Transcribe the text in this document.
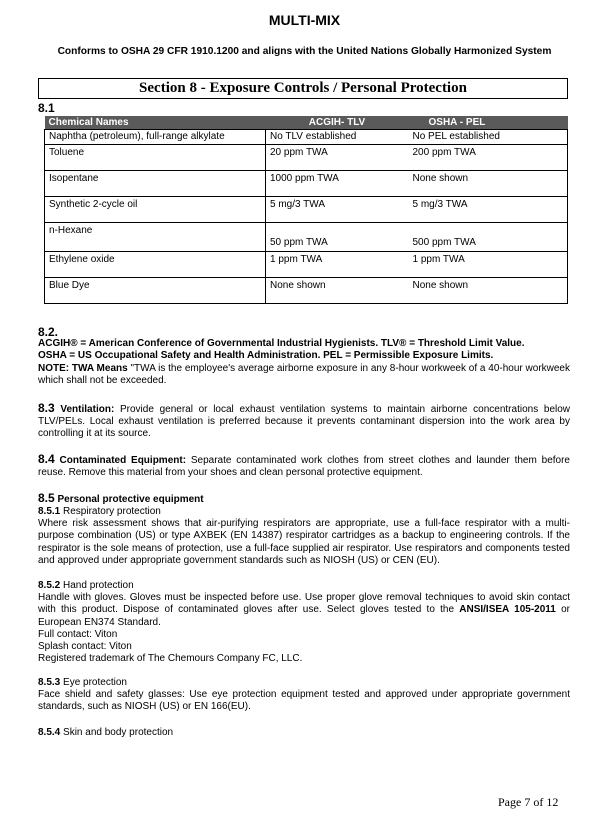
MULTI-MIX
Conforms to OSHA 29 CFR 1910.1200 and aligns with the United Nations Globally Harmonized System
Section 8 - Exposure Controls / Personal Protection
8.1
Chemical Names	ACGIH- TLV	OSHA - PEL
Naphtha (petroleum), full-range alkylate	No TLV established	No PEL established
Toluene	20 ppm TWA	200 ppm TWA
Isopentane	1000 ppm TWA	None shown
Synthetic 2-cycle oil	5 mg/3 TWA	5 mg/3 TWA
n-Hexane	50 ppm TWA	500 ppm TWA

Ethylene oxide	1 ppm TWA	1 ppm TWA
Blue Dye	None shown	None shown
8.2.
ACGIH® = American Conference of Governmental Industrial Hygienists. TLV® = Threshold Limit Value.
OSHA = US Occupational Safety and Health Administration. PEL = Permissible Exposure Limits.
NOTE: TWA Means "TWA is the employee's average airborne exposure in any 8-hour workweek of a 40-hour workweek which shall not be exceeded.
8.3 Ventilation: Provide general or local exhaust ventilation systems to maintain airborne concentrations below TLV/PELs. Local exhaust ventilation is preferred because it prevents contaminant dispersion into the work area by controlling it at its source.
8.4 Contaminated Equipment: Separate contaminated work clothes from street clothes and launder them before reuse. Remove this material from your shoes and clean personal protective equipment.
8.5 Personal protective equipment
8.5.1 Respiratory protection
Where risk assessment shows that air-purifying respirators are appropriate, use a full-face respirator with a multi-purpose combination (US) or type AXBEK (EN 14387) respirator cartridges as a backup to engineering controls. If the respirator is the sole means of protection, use a full-face supplied air respirator. Use respirators and components tested and approved under appropriate government standards such as NIOSH (US) or CEN (EU).
8.5.2 Hand protection
Handle with gloves. Gloves must be inspected before use. Use proper glove removal techniques to avoid skin contact with this product. Dispose of contaminated gloves after use. Select gloves tested to the ANSI/ISEA 105-2011 or European EN374 Standard.
Full contact: Viton
Splash contact: Viton
Registered trademark of The Chemours Company FC, LLC.
8.5.3 Eye protection
Face shield and safety glasses: Use eye protection equipment tested and approved under appropriate government standards, such as NIOSH (US) or EN 166(EU).
8.5.4 Skin and body protection
Page 7 of 12
